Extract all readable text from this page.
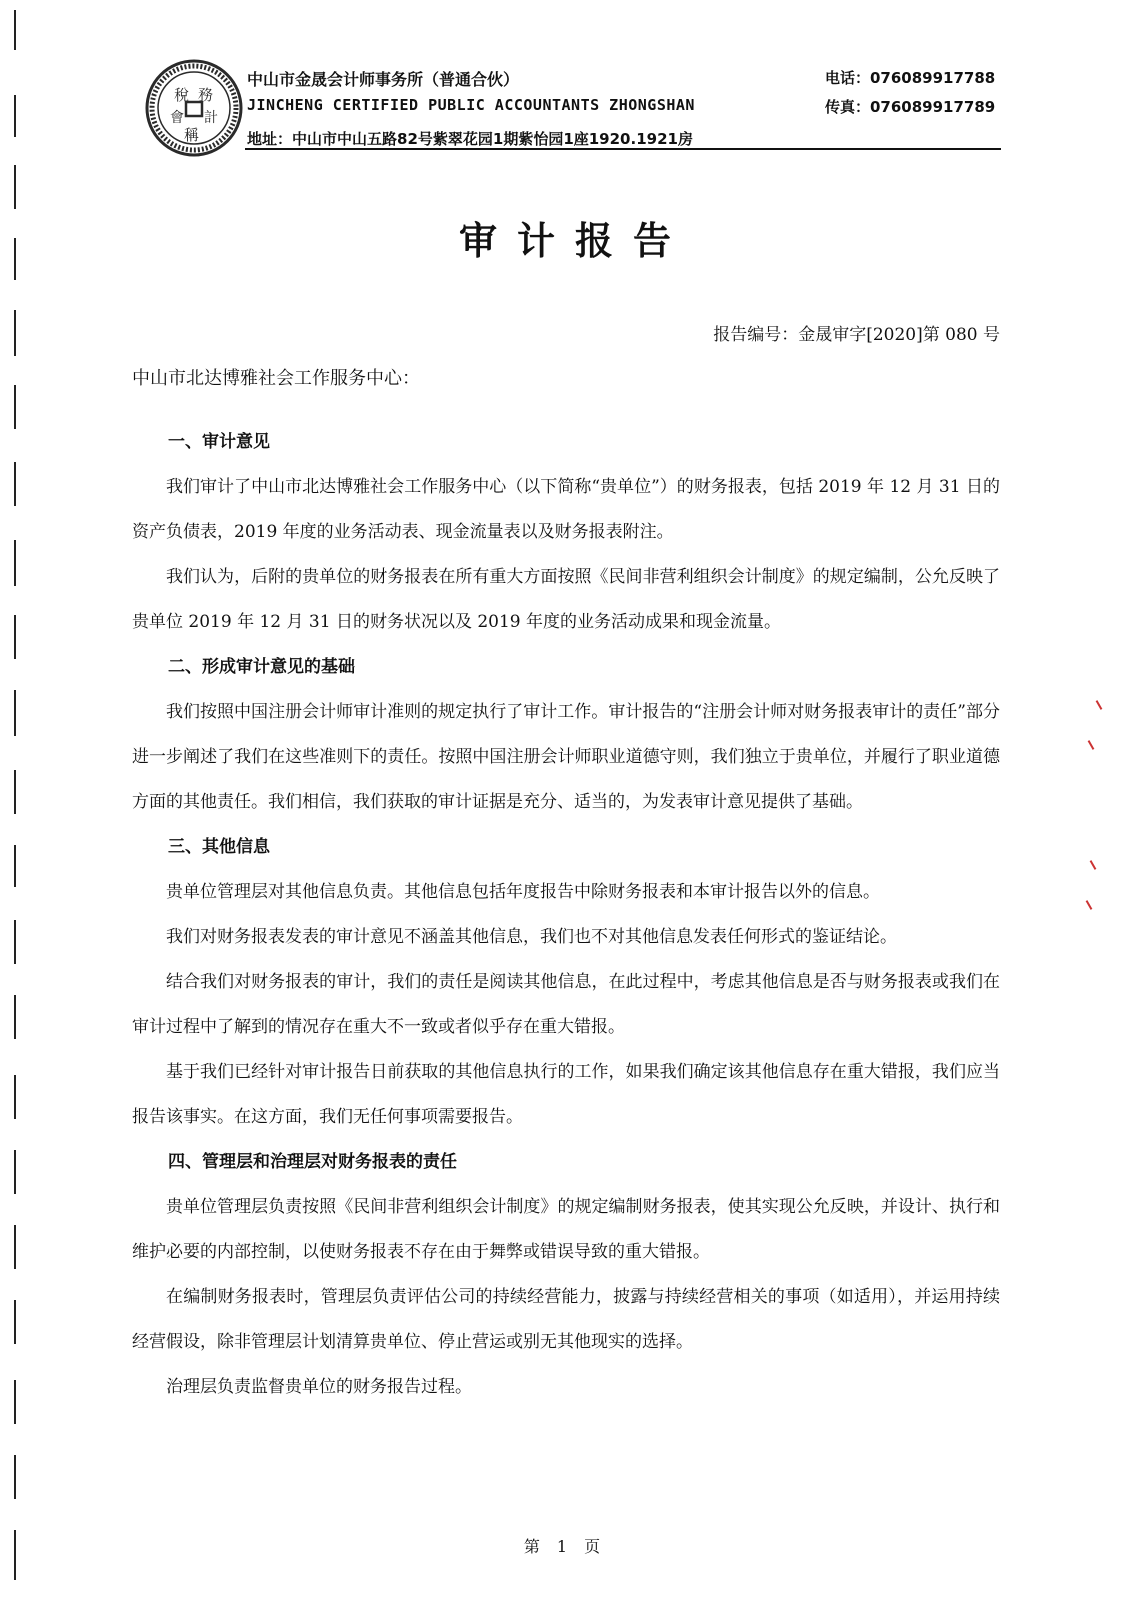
稅 務
會 計
稱
中山市金晟会计师事务所（普通合伙）
JINCHENG CERTIFIED PUBLIC ACCOUNTANTS ZHONGSHAN
地址：中山市中山五路82号紫翠花园1期紫怡园1座1920.1921房
电话：076089917788
传真：076089917789
审计报告
报告编号：金晟审字[2020]第 080 号
中山市北达博雅社会工作服务中心：

一、审计意见

我们审计了中山市北达博雅社会工作服务中心（以下简称“贵单位”）的财务报表，包括 2019 年 12 月 31 日的资产负债表，2019 年度的业务活动表、现金流量表以及财务报表附注。

我们认为，后附的贵单位的财务报表在所有重大方面按照《民间非营利组织会计制度》的规定编制，公允反映了贵单位 2019 年 12 月 31 日的财务状况以及 2019 年度的业务活动成果和现金流量。

二、形成审计意见的基础

我们按照中国注册会计师审计准则的规定执行了审计工作。审计报告的“注册会计师对财务报表审计的责任”部分进一步阐述了我们在这些准则下的责任。按照中国注册会计师职业道德守则，我们独立于贵单位，并履行了职业道德方面的其他责任。我们相信，我们获取的审计证据是充分、适当的，为发表审计意见提供了基础。

三、其他信息

贵单位管理层对其他信息负责。其他信息包括年度报告中除财务报表和本审计报告以外的信息。

我们对财务报表发表的审计意见不涵盖其他信息，我们也不对其他信息发表任何形式的鉴证结论。

结合我们对财务报表的审计，我们的责任是阅读其他信息，在此过程中，考虑其他信息是否与财务报表或我们在审计过程中了解到的情况存在重大不一致或者似乎存在重大错报。

基于我们已经针对审计报告日前获取的其他信息执行的工作，如果我们确定该其他信息存在重大错报，我们应当报告该事实。在这方面，我们无任何事项需要报告。

四、管理层和治理层对财务报表的责任

贵单位管理层负责按照《民间非营利组织会计制度》的规定编制财务报表，使其实现公允反映，并设计、执行和维护必要的内部控制，以使财务报表不存在由于舞弊或错误导致的重大错报。

在编制财务报表时，管理层负责评估公司的持续经营能力，披露与持续经营相关的事项（如适用），并运用持续经营假设，除非管理层计划清算贵单位、停止营运或别无其他现实的选择。

治理层负责监督贵单位的财务报告过程。

第 1 页
